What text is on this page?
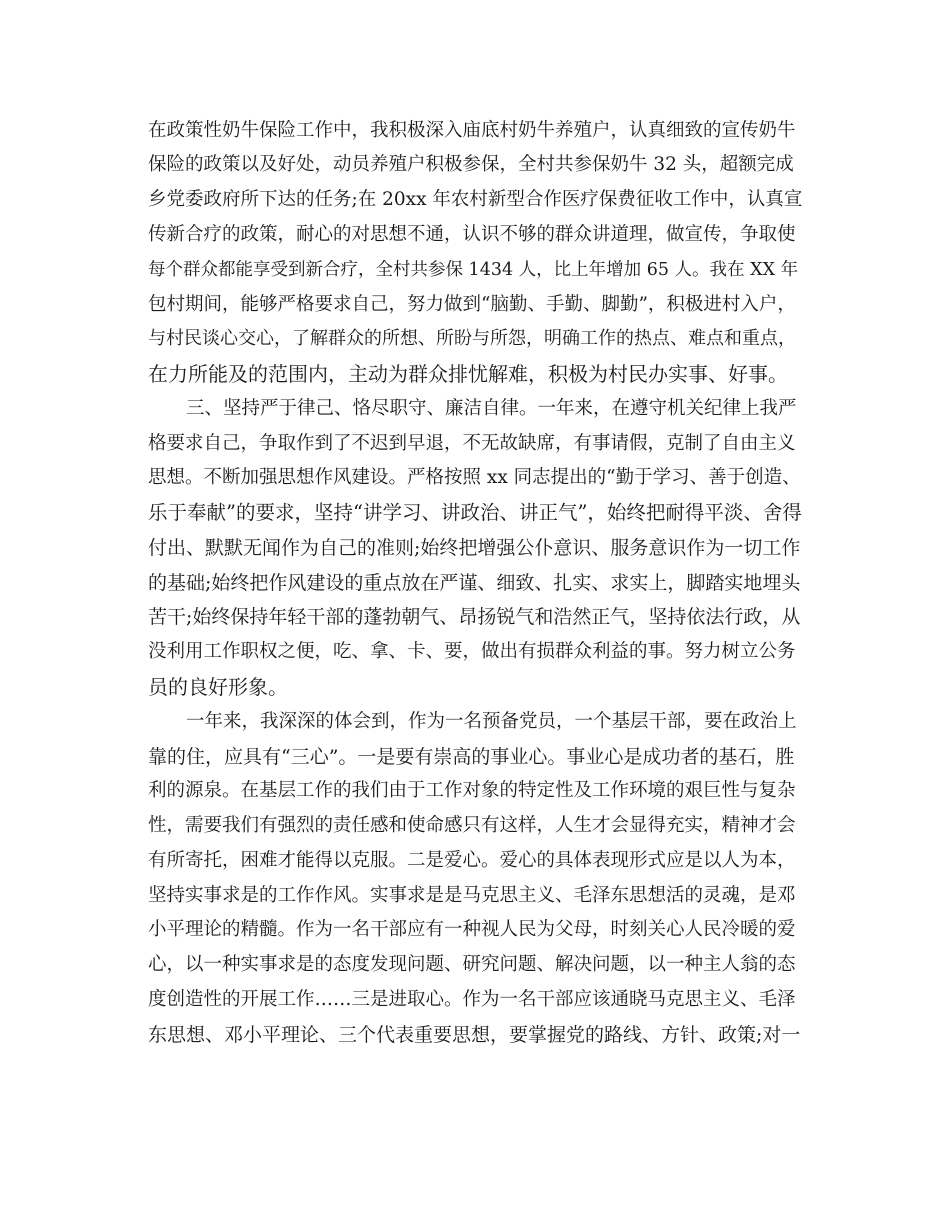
在政策性奶牛保险工作中，我积极深入庙底村奶牛养殖户，认真细致的宣传奶牛
保险的政策以及好处，动员养殖户积极参保，全村共参保奶牛 32 头，超额完成
乡党委政府所下达的任务;在 20xx 年农村新型合作医疗保费征收工作中，认真宣
传新合疗的政策，耐心的对思想不通，认识不够的群众讲道理，做宣传，争取使
每个群众都能享受到新合疗，全村共参保 1434 人，比上年增加 65 人。我在 XX 年
包村期间，能够严格要求自己，努力做到“脑勤、手勤、脚勤”，积极进村入户，
与村民谈心交心，了解群众的所想、所盼与所怨，明确工作的热点、难点和重点，
在力所能及的范围内，主动为群众排忧解难，积极为村民办实事、好事。
三、坚持严于律己、恪尽职守、廉洁自律。一年来，在遵守机关纪律上我严
格要求自己，争取作到了不迟到早退，不无故缺席，有事请假，克制了自由主义
思想。不断加强思想作风建设。严格按照 xx 同志提出的“勤于学习、善于创造、
乐于奉献”的要求，坚持“讲学习、讲政治、讲正气”，始终把耐得平淡、舍得
付出、默默无闻作为自己的准则;始终把增强公仆意识、服务意识作为一切工作
的基础;始终把作风建设的重点放在严谨、细致、扎实、求实上，脚踏实地埋头
苦干;始终保持年轻干部的蓬勃朝气、昂扬锐气和浩然正气，坚持依法行政，从
没利用工作职权之便，吃、拿、卡、要，做出有损群众利益的事。努力树立公务
员的良好形象。
一年来，我深深的体会到，作为一名预备党员，一个基层干部，要在政治上
靠的住，应具有“三心”。一是要有崇高的事业心。事业心是成功者的基石，胜
利的源泉。在基层工作的我们由于工作对象的特定性及工作环境的艰巨性与复杂
性，需要我们有强烈的责任感和使命感只有这样，人生才会显得充实，精神才会
有所寄托，困难才能得以克服。二是爱心。爱心的具体表现形式应是以人为本，
坚持实事求是的工作作风。实事求是是马克思主义、毛泽东思想活的灵魂，是邓
小平理论的精髓。作为一名干部应有一种视人民为父母，时刻关心人民冷暖的爱
心，以一种实事求是的态度发现问题、研究问题、解决问题，以一种主人翁的态
度创造性的开展工作……三是进取心。作为一名干部应该通晓马克思主义、毛泽
东思想、邓小平理论、三个代表重要思想，要掌握党的路线、方针、政策;对一
